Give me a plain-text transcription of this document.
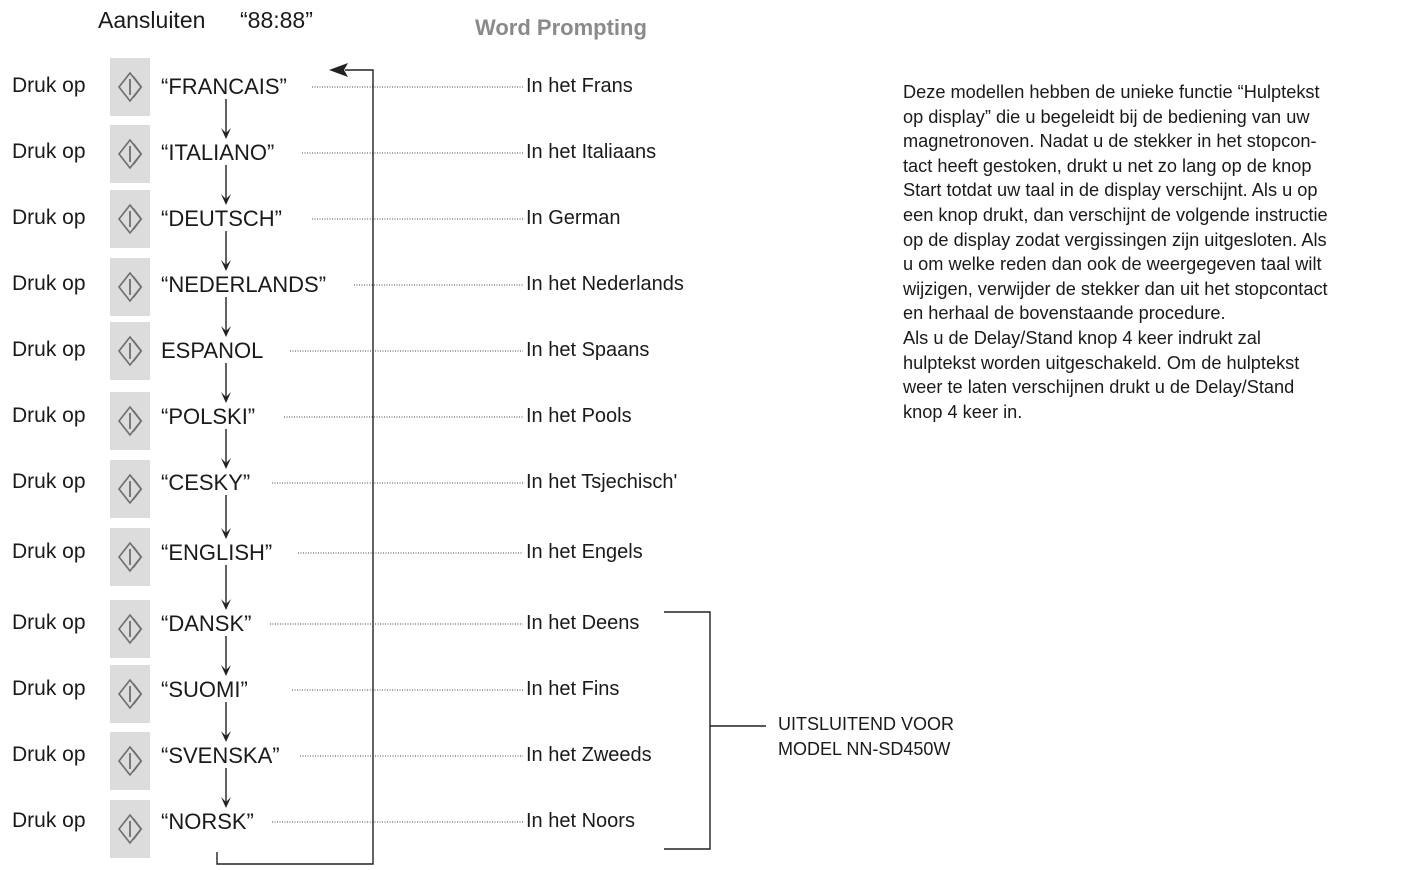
Aansluiten “88:88”	Word Prompting
Druk op	“FRANCAIS”	In het Frans
Druk op	“ITALIANO”	In het Italiaans
Druk op	“DEUTSCH”	In German
Druk op	“NEDERLANDS”	In het Nederlands
Druk op	ESPANOL	In het Spaans
Druk op	“POLSKI”	In het Pools
Druk op	“CESKY”	In het Tsjechisch'
Druk op	“ENGLISH”	In het Engels
Druk op	“DANSK”	In het Deens
Druk op	“SUOMI”	In het Fins
Druk op	“SVENSKA”	In het Zweeds
Druk op	“NORSK”	In het Noors
UITSLUITEND VOOR
MODEL NN-SD450W
Deze modellen hebben de unieke functie “Hulptekst
op display” die u begeleidt bij de bediening van uw
magnetronoven. Nadat u de stekker in het stopcon-
tact heeft gestoken, drukt u net zo lang op de knop
Start totdat uw taal in de display verschijnt. Als u op
een knop drukt, dan verschijnt de volgende instructie
op de display zodat vergissingen zijn uitgesloten. Als
u om welke reden dan ook de weergegeven taal wilt
wijzigen, verwijder de stekker dan uit het stopcontact
en herhaal de bovenstaande procedure.
Als u de Delay/Stand knop 4 keer indrukt zal
hulptekst worden uitgeschakeld. Om de hulptekst
weer te laten verschijnen drukt u de Delay/Stand
knop 4 keer in.
